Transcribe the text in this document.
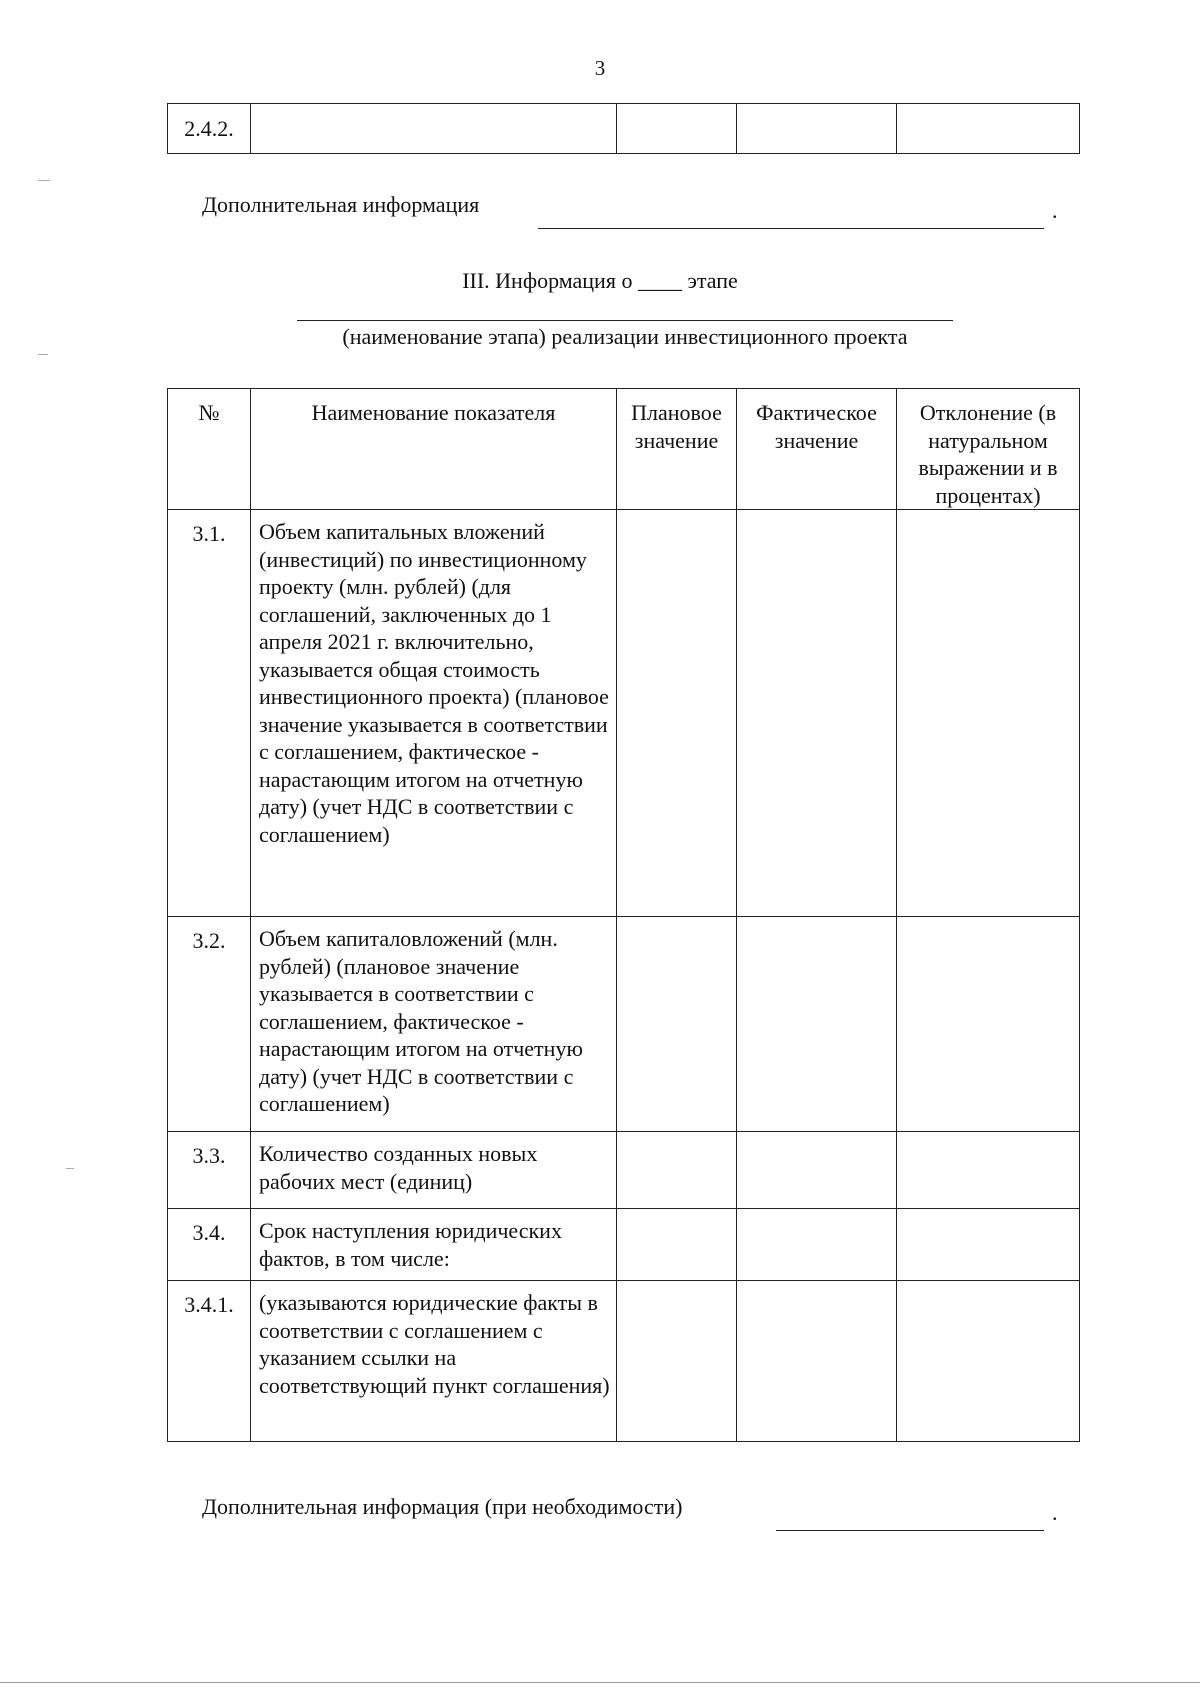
3
2.4.2.				
Дополнительная информация	.
III. Информация о ____ этапе
(наименование этапа) реализации инвестиционного проекта
№	Наименование показателя	Плановое значение	Фактическое значение	Отклонение (в натуральном выражении и в процентах)
3.1.	Объем капитальных вложений (инвестиций) по инвестиционному проекту (млн. рублей) (для соглашений, заключенных до 1 апреля 2021 г. включительно, указывается общая стоимость инвестиционного проекта) (плановое значение указывается в соответствии с соглашением, фактическое - нарастающим итогом на отчетную дату) (учет НДС в соответствии с соглашением)			
3.2.	Объем капиталовложений (млн. рублей) (плановое значение указывается в соответствии с соглашением, фактическое - нарастающим итогом на отчетную дату) (учет НДС в соответствии с соглашением)			
3.3.	Количество созданных новых рабочих мест (единиц)			
3.4.	Срок наступления юридических фактов, в том числе:			
3.4.1.	(указываются юридические факты в соответствии с соглашением с указанием ссылки на соответствующий пункт соглашения)			
Дополнительная информация (при необходимости)	.
